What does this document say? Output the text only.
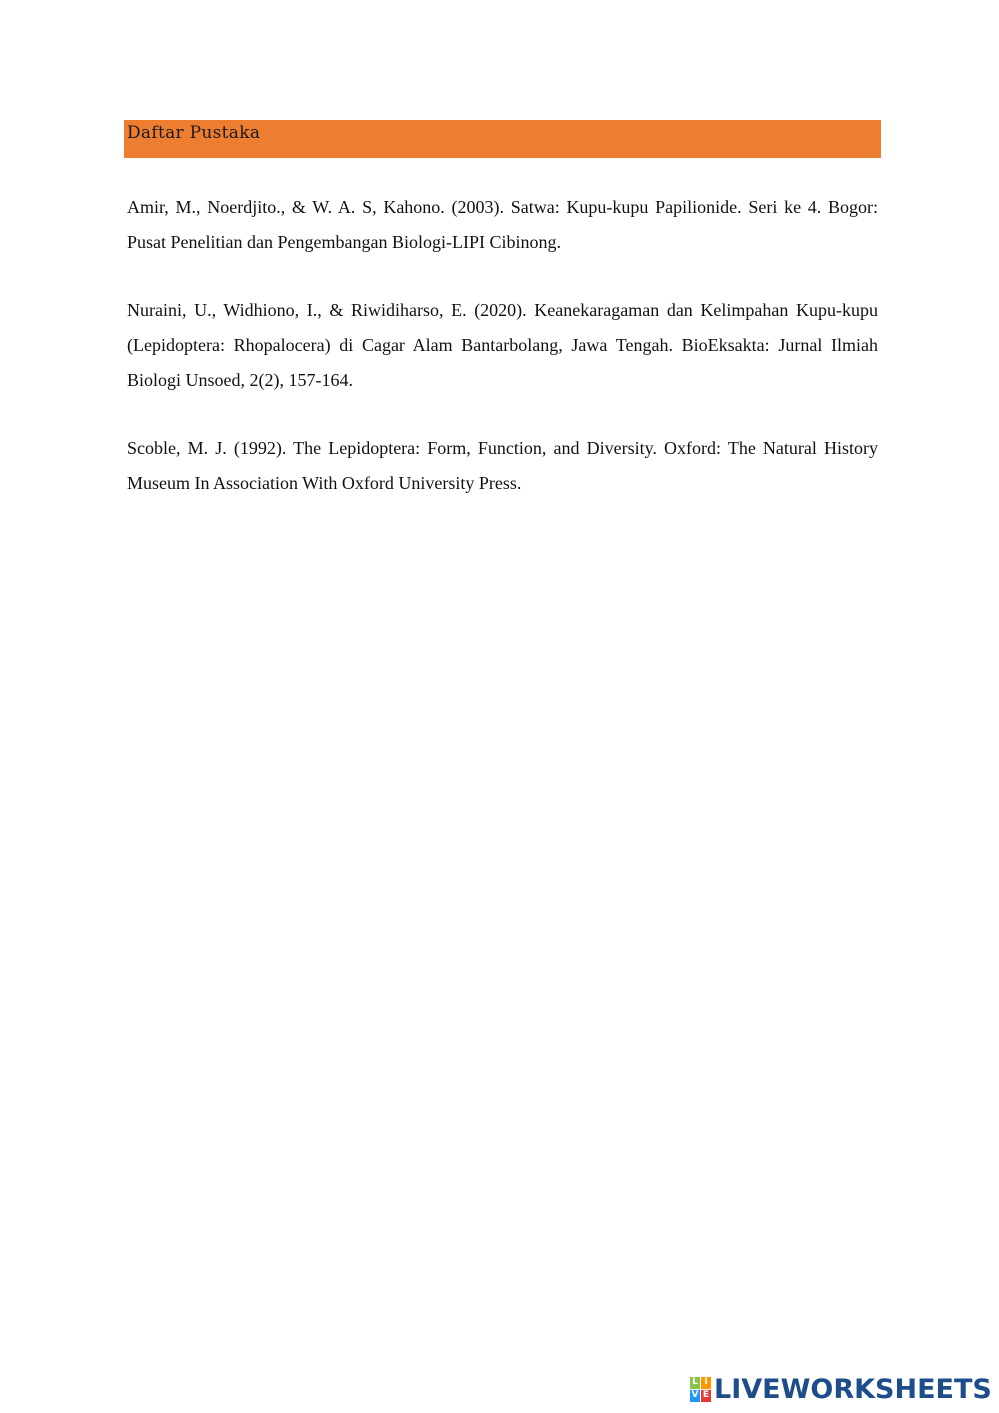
Daftar Pustaka

Amir, M., Noerdjito., & W. A. S, Kahono. (2003). Satwa: Kupu-kupu Papilionide. Seri ke 4. Bogor: Pusat Penelitian dan Pengembangan Biologi-LIPI Cibinong.

Nuraini, U., Widhiono, I., & Riwidiharso, E. (2020). Keanekaragaman dan Kelimpahan Kupu-kupu (Lepidoptera: Rhopalocera) di Cagar Alam Bantarbolang, Jawa Tengah. BioEksakta: Jurnal Ilmiah Biologi Unsoed, 2(2), 157-164.

Scoble, M. J. (1992). The Lepidoptera: Form, Function, and Diversity. Oxford: The Natural History Museum In Association With Oxford University Press.

L I
V E LIVEWORKSHEETS
